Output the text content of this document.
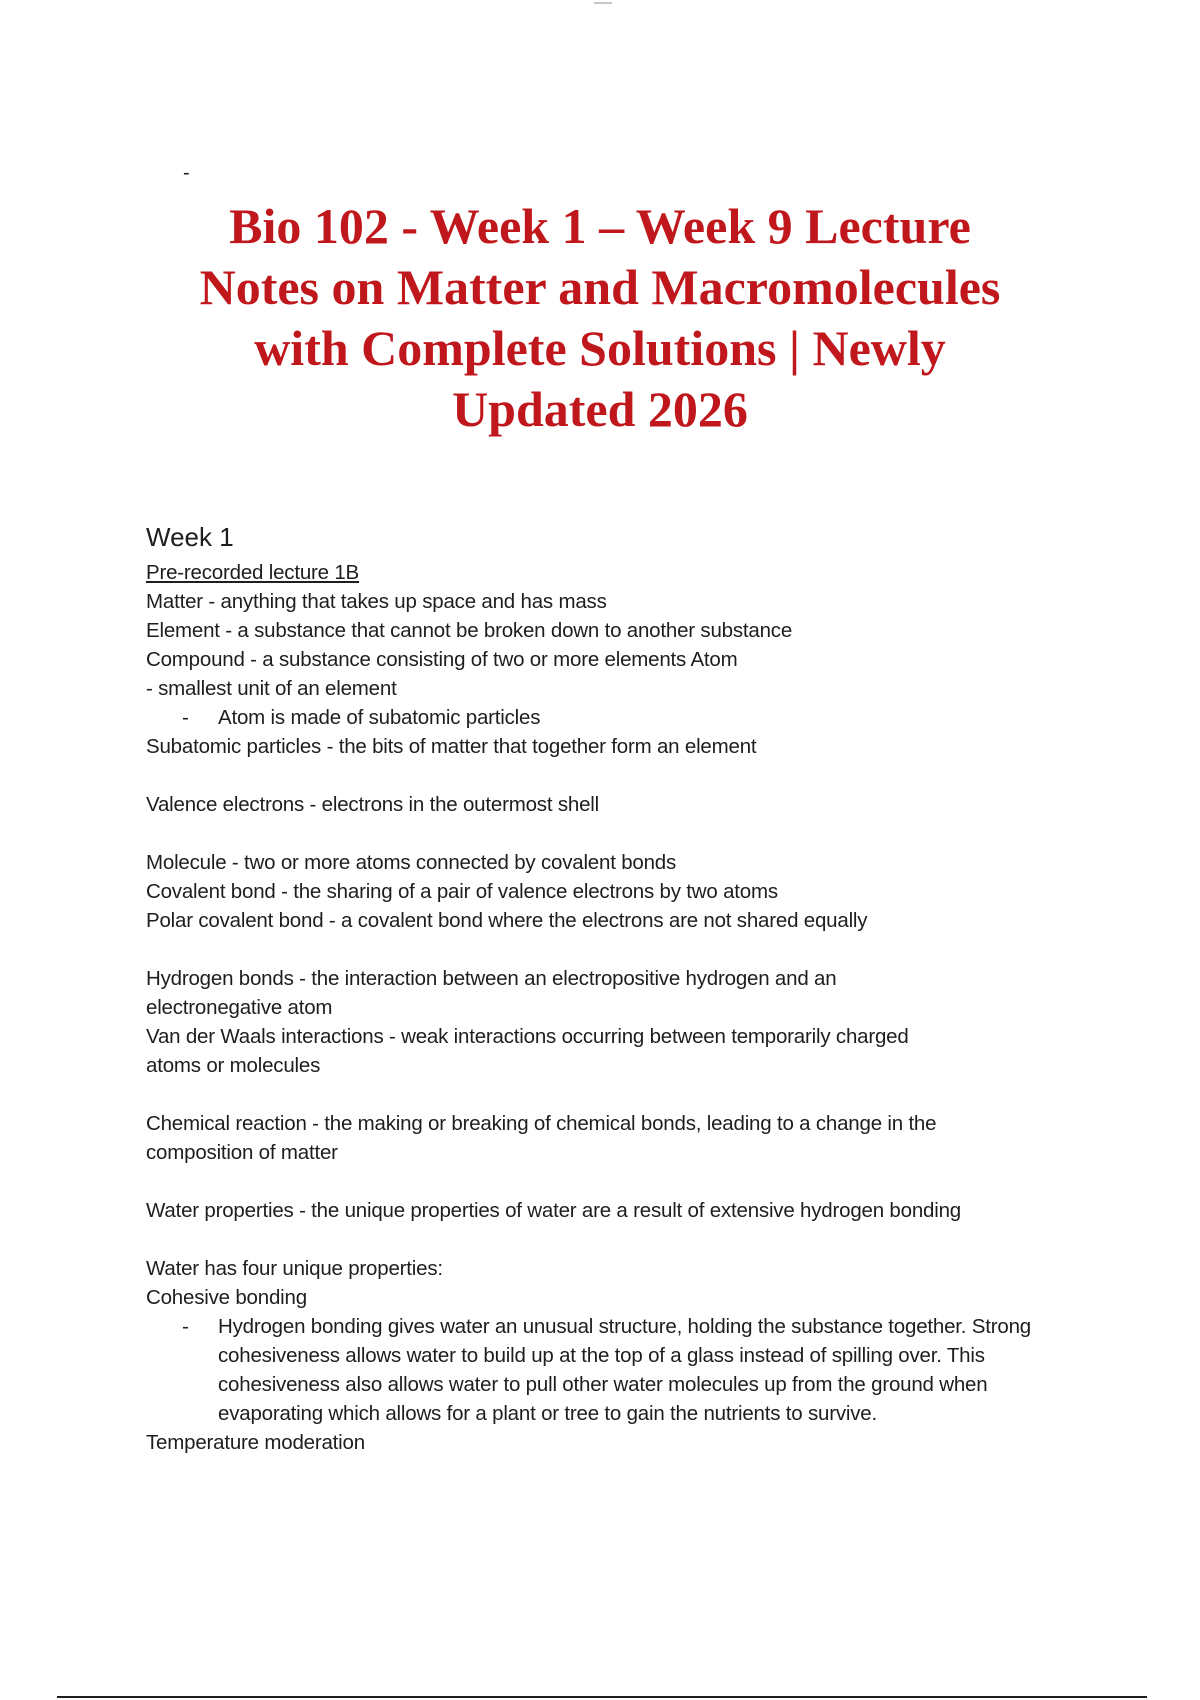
-
Bio 102 - Week 1 – Week 9 Lecture
Notes on Matter and Macromolecules
with Complete Solutions | Newly
Updated 2026
Week 1

Pre-recorded lecture 1B

Matter - anything that takes up space and has mass

Element - a substance that cannot be broken down to another substance

Compound - a substance consisting of two or more elements Atom

- smallest unit of an element

- Atom is made of subatomic particles

Subatomic particles - the bits of matter that together form an element

Valence electrons - electrons in the outermost shell

Molecule - two or more atoms connected by covalent bonds

Covalent bond - the sharing of a pair of valence electrons by two atoms

Polar covalent bond - a covalent bond where the electrons are not shared equally

Hydrogen bonds - the interaction between an electropositive hydrogen and an

electronegative atom

Van der Waals interactions - weak interactions occurring between temporarily charged

atoms or molecules

Chemical reaction - the making or breaking of chemical bonds, leading to a change in the

composition of matter

Water properties - the unique properties of water are a result of extensive hydrogen bonding

Water has four unique properties:

Cohesive bonding

- Hydrogen bonding gives water an unusual structure, holding the substance together. Strong cohesiveness allows water to build up at the top of a glass instead of spilling over. This cohesiveness also allows water to pull other water molecules up from the ground when evaporating which allows for a plant or tree to gain the nutrients to survive.

Temperature moderation
